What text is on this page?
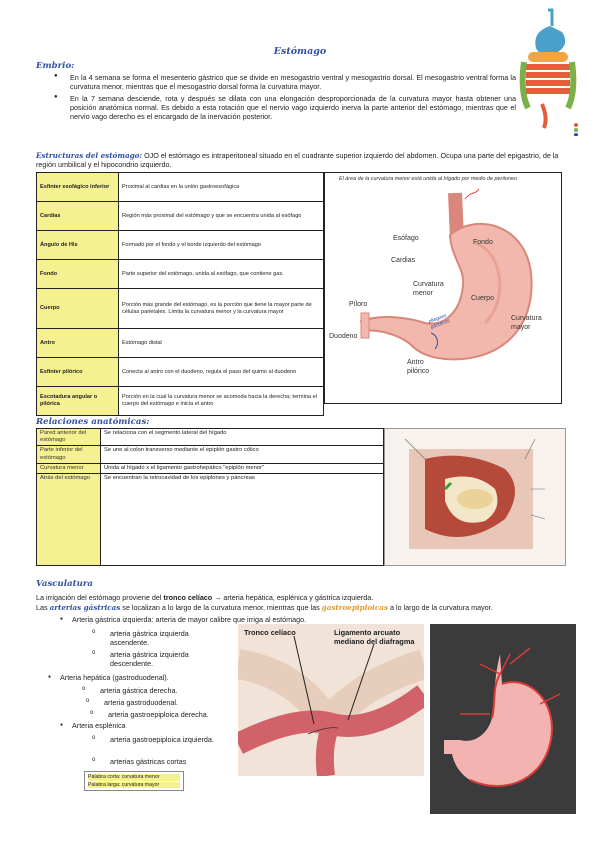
Estómago
Embrio:
● En la 4 semana se forma el mesenterio gástrico que se divide en mesogastrio ventral y mesogastrio dorsal. El mesogastrio ventral forma la curvatura menor, mientras que el mesogastrio dorsal forma la curvatura mayor.
● En la 7 semana desciende, rota y después se dilata con una elongación desproporcionada de la curvatura mayor hasta obtener una posición anatómica normal. Es debido a esta rotación que el nervio vago izquierdo inerva la parte anterior del estómago, mientras que el nervio vago derecho es el encargado de la inervación posterior.
Estructuras del estómago: OJO el estómago es intraperitoneal situado en el cuadrante superior izquierdo del abdomen. Ocupa una parte del epigastrio, de la región umbilical y el hipocondrio izquierdo.
Esfínter esofágico inferior	Proximal al cardias en la unión gastroesofágica
Cardias	Región más proximal del estómago y que se encuentra unida al esófago
Ángulo de His	Formado por el fondo y el borde izquierdo del estómago
Fondo	Parte superior del estómago, unida al esófago, que contiene gas.
Cuerpo	Porción más grande del estómago, es la porción que tiene la mayor parte de células parietales. Limita la curvatura menor y la curvatura mayor
Antro	Estómago distal
Esfínter pilórico	Conecta al antro con el duodeno, regula el paso del quimo al duodeno
Escotadura angular o pilórica	Porción en la cual la curvatura menor se acomoda hacia la derecha; termina el cuerpo del estómago e inicia el antro
El área de la curvatura menor está unida al hígado por medio de peritoneo
Esófago
Fondo
Cardias
Curvatura menor
Cuerpo
Píloro
Duodeno
Curvatura mayor
Antro pilórico
pliegues gástricos
Relaciones anatómicas:
Pared anterior del estómago	Se relaciona con el segmento lateral del hígado
Parte inferior del estómago	Se une al colon transverso mediante el epiplón gastro cólico
Curvatura menor	Unida al hígado x el ligamento gastrohepático "epiplón menor"
Atrás del estómago	Se encuentran la retrocavidad de los epiplones y páncreas
Vasculatura
La irrigación del estómago proviene del tronco celíaco → arteria hepática, esplénica y gástrica izquierda.
Las arterias gástricas se localizan a lo largo de la curvatura menor, mientras que las gastroepiploicas a lo largo de la curvatura mayor.
● Arteria gástrica izquierda: arteria de mayor calibre que irriga al estómago.
o arteria gástrica izquierda ascendente.
o arteria gástrica izquierda descendente.
● Arteria hepática (gastroduodenal).
o arteria gástrica derecha.
o arteria gastroduodenal.
o arteria gastroepiploica derecha.
● Arteria esplénica
o arteria gastroepiploica izquierda.
o arterias gástricas cortas
Palabra corta: curvatura menor
Palabra larga: curvatura mayor
Tronco celíaco	Ligamento arcuato mediano del diafragma
